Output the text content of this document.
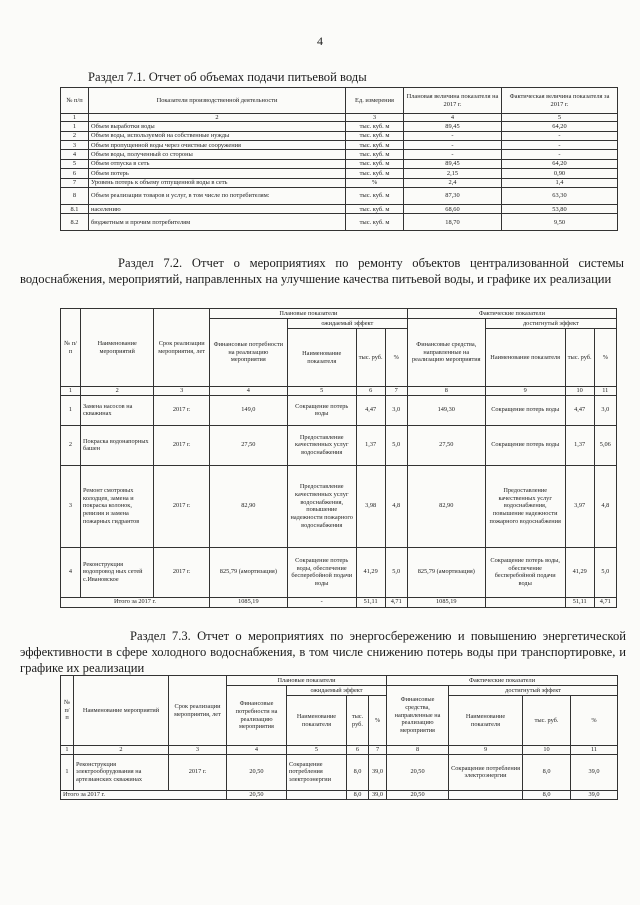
4
Раздел 7.1. Отчет об объемах подачи питьевой воды
№ п/п	Показатели производственной деятельности	Ед. измерения	Плановая величина показателя на 2017 г.	Фактическая величина показателя за 2017 г.
1	2	3	4	5
1	Объем выработки воды	тыс. куб. м	89,45	64,20
2	Объем воды, используемой на собственные нужды	тыс. куб. м	-	-
3	Объем пропущенной воды через очистные сооружения	тыс. куб. м	-	-
4	Объем воды, полученный со стороны	тыс. куб. м	-	-
5	Объем отпуска в сеть	тыс. куб. м	89,45	64,20
6	Объем потерь	тыс. куб. м	2,15	0,90
7	Уровень потерь к объему отпущенной воды в сеть	%	2,4	1,4
8	Объем реализации товаров и услуг, в том числе по потребителям:	тыс. куб. м	87,30	63,30
8.1	населению	тыс. куб. м	68,60	53,80
8.2	бюджетным и прочим потребителям	тыс. куб. м	18,70	9,50
Раздел 7.2. Отчет о мероприятиях по ремонту объектов централизованной системы водоснабжения, мероприятий, направленных на улучшение качества питьевой воды, и графике их реализации
№ п/ п	Наименование мероприятий	Срок реализации мероприятия, лет	Плановые показатели				Фактические показатели			
			Финансовые потребности на реализацию мероприятия	ожидаемый эффект			Финансовые средства, направленные на реализацию мероприятия	достигнутый эффект		
				Наименование показателя	тыс. руб.	%		Наименование показателя	тыс. руб.	%
1	2	3	4	5	6	7	8	9	10	11
1	Замена насосов на скважинах	2017 г.	149,0	Сокращение потерь воды	4,47	3,0	149,30	Сокращение потерь воды	4,47	3,0
2	Покраска водонапорных башен	2017 г.	27,50	Предоставление качественных услуг водоснабжения	1,37	5,0	27,50	Сокращение потерь воды	1,37	5,06
3	Ремонт смотровых колодцев, замена и покраска колонок, ревизия и замена пожарных гидрантов	2017 г.	82,90	Предоставление качественных услуг водоснабжения, повышение надежности пожарного водоснабжения	3,98	4,8	82,90	Предоставление качественных услуг водоснабжения, повышение надежности пожарного водоснабжения	3,97	4,8
4	Реконструкция водопровод ных сетей с.Ивановское	2017 г.	825,79 (амортизация)	Сокращение потерь воды, обеспечение бесперебойной подачи воды	41,29	5,0	825,79 (амортизация)	Сокращение потерь воды, обеспечение бесперебойной подачи воды	41,29	5,0
Итого за 2017 г.			1085,19	-	51,11	4,71	1085,19		51,11	4,71
Раздел 7.3. Отчет о мероприятиях по энергосбережению и повышению энергетической эффективности в сфере холодного водоснабжения, в том числе снижению потерь воды при транспортировке, и графике их реализации
№ п/ п	Наименование мероприятий	Срок реализации мероприятия, лет	Плановые показатели				Фактические показатели			
			Финансовые потребности на реализацию мероприятия	ожидаемый эффект			Финансовые средства, направленные на реализацию мероприятия	достигнутый эффект		
				Наименование показателя	тыс. руб.	%		Наименование показателя	тыс. руб.	%
1	2	3	4	5	6	7	8	9	10	11
1	Реконструкция электрооборудования на артезианских скважинах	2017 г.	20,50	Сокращение потребления электроэнергии	8,0	39,0	20,50	Сокращение потребления электроэнергии	8,0	39,0
Итого за 2017 г.			20,50		8,0	39,0	20,50		8,0	39,0
